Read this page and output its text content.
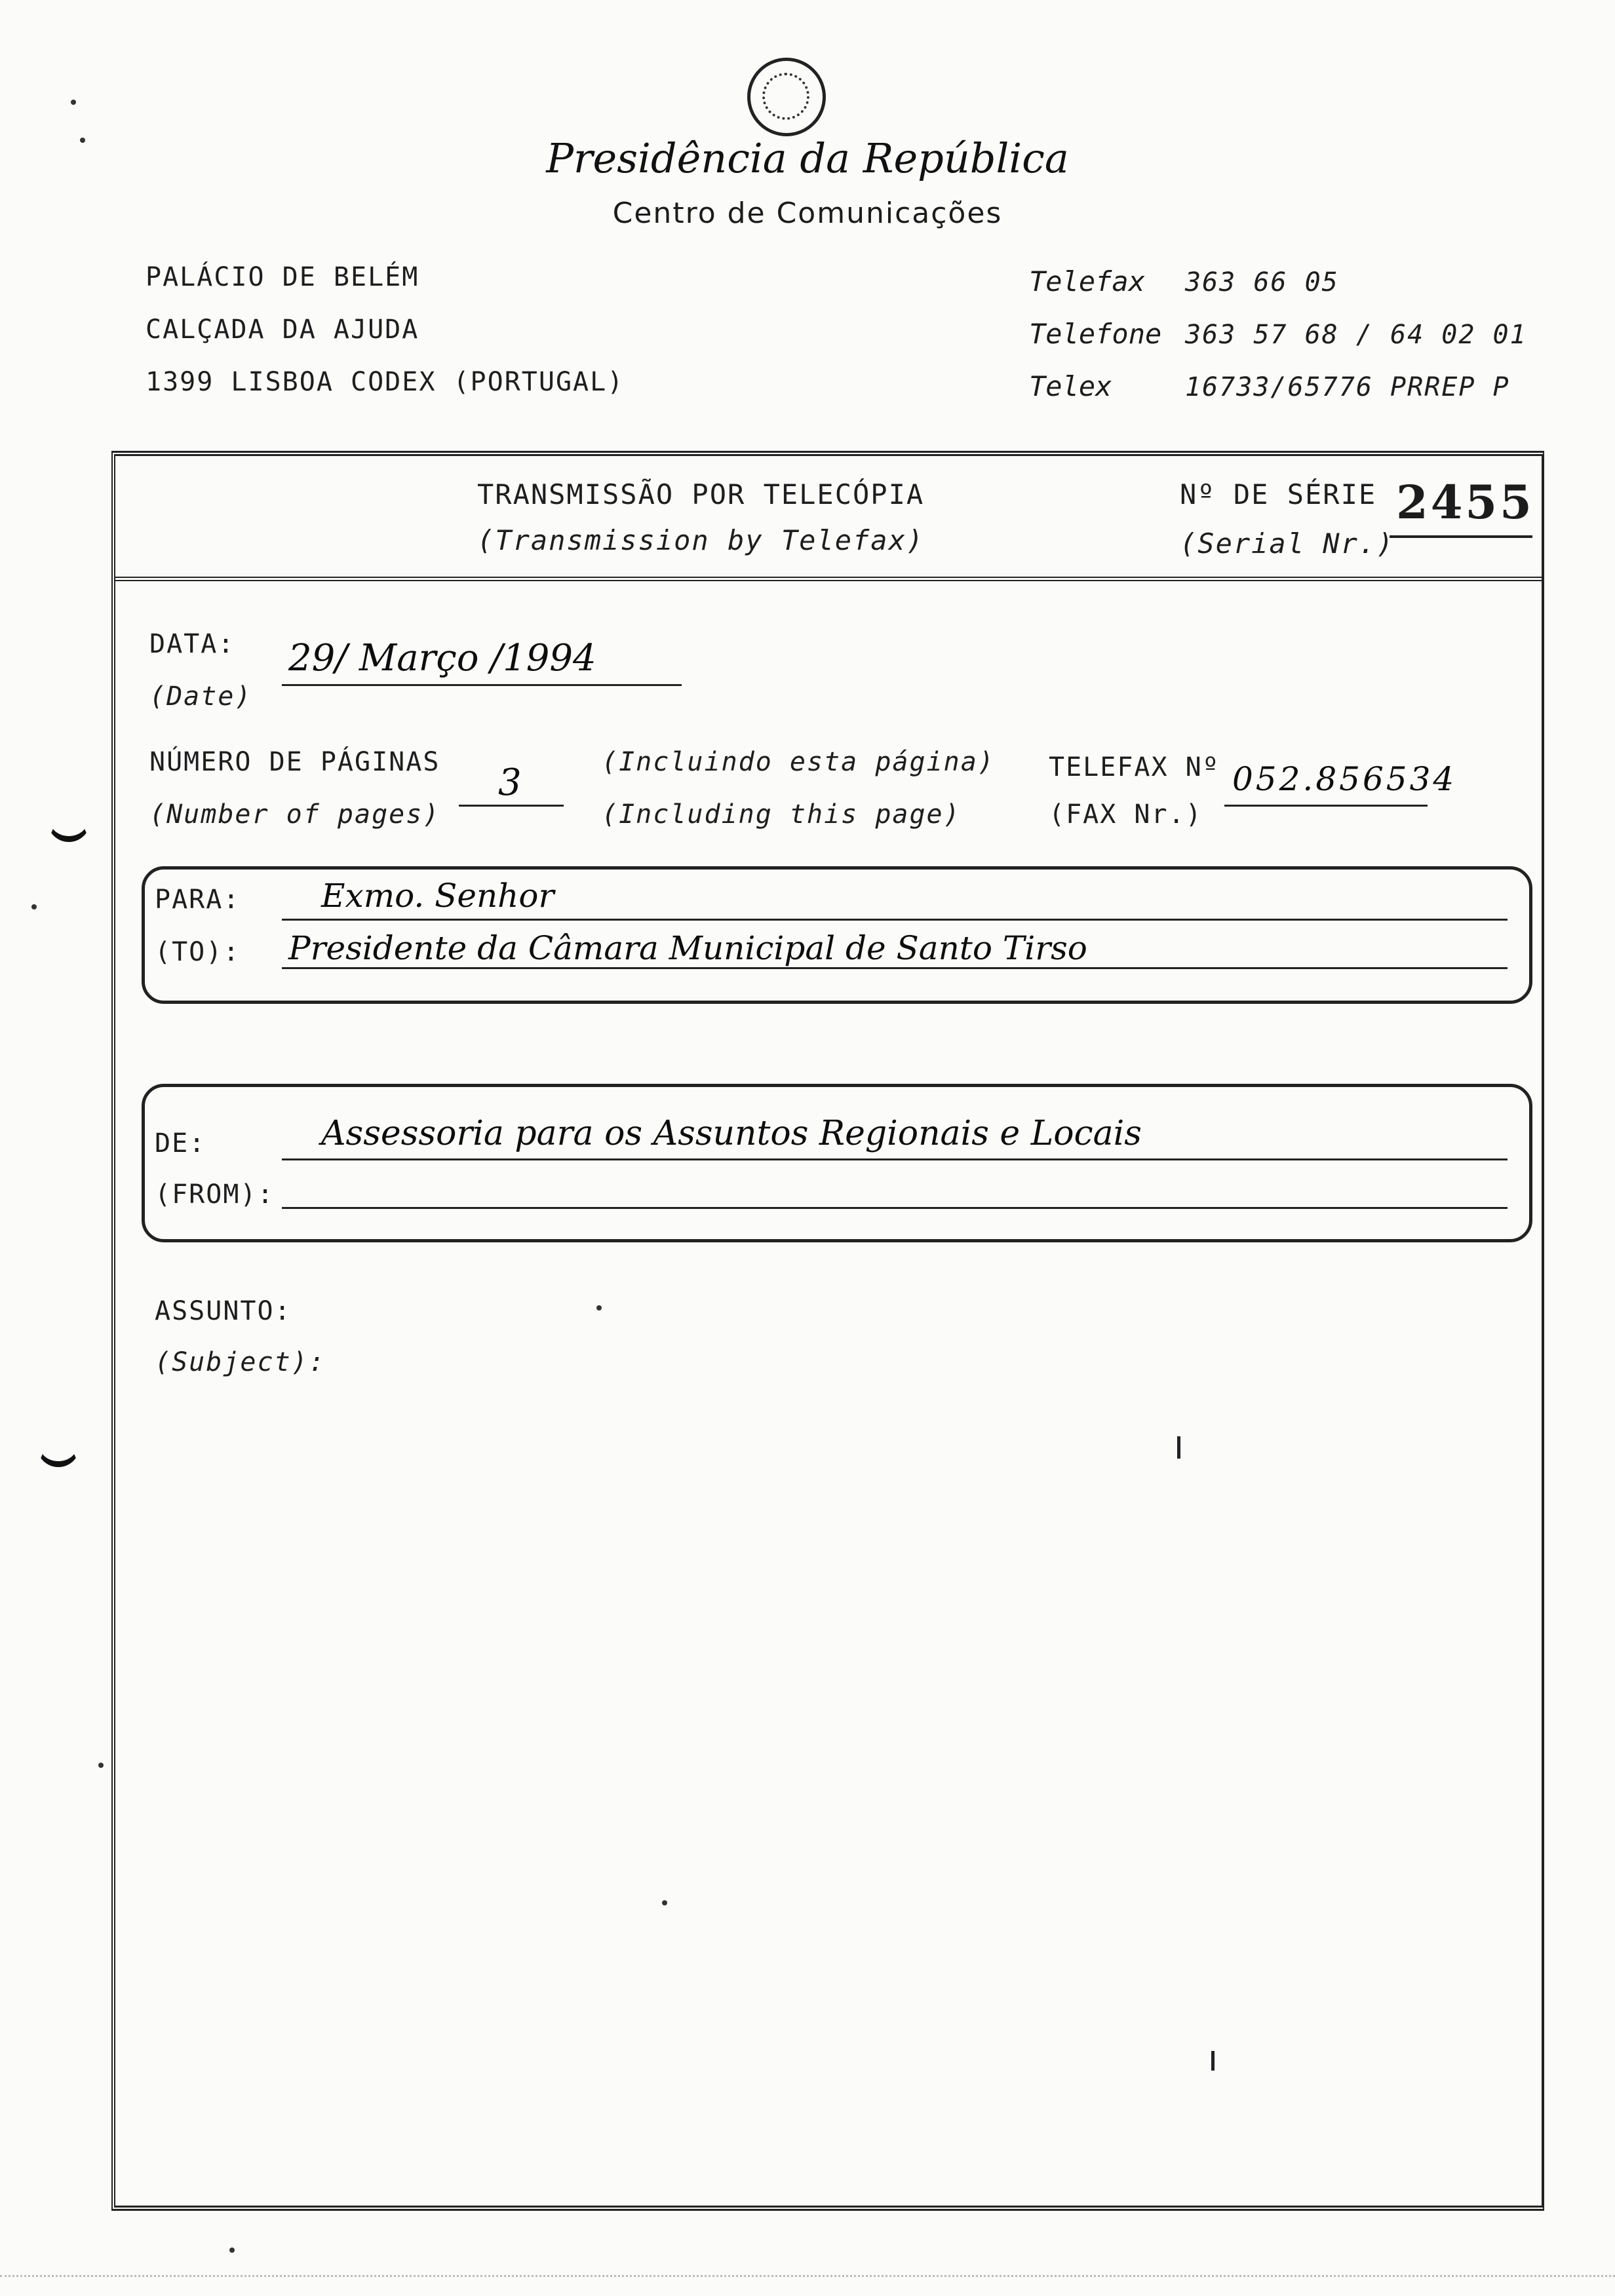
Presidência da República
Centro de Comunicações
PALÁCIO DE BELÉM
CALÇADA DA AJUDA
1399 LISBOA CODEX (PORTUGAL)
Telefax 363 66 05
Telefone 363 57 68 / 64 02 01
Telex	16733/65776 PRREP P
TRANSMISSÃO POR TELECÓPIA
(Transmission by Telefax)
Nº DE SÉRIE
(Serial Nr.)
2455
DATA:
(Date)
29/ Março /1994
NÚMERO DE PÁGINAS
(Number of pages)
3	(Incluindo esta página)
(Including this page)
TELEFAX Nº
(FAX Nr.)
052.856534
PARA:
(TO):
Exmo. Senhor
Presidente da Câmara Municipal de Santo Tirso
DE:
(FROM):
Assessoria para os Assuntos Regionais e Locais
ASSUNTO:
(Subject):
